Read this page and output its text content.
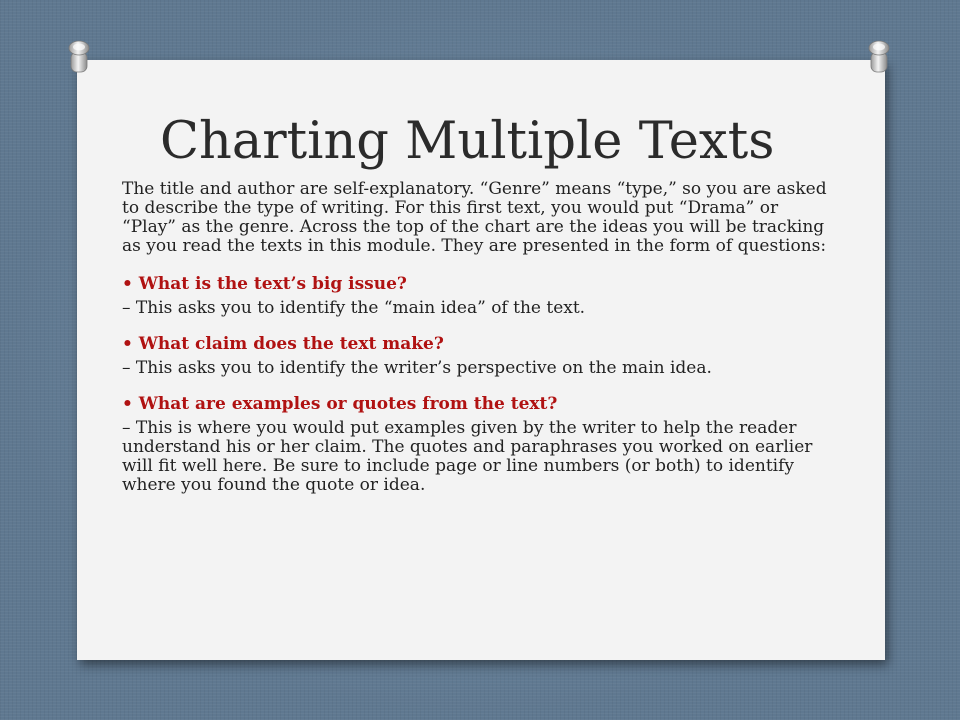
Charting Multiple Texts

The title and author are self-explanatory. “Genre” means “type,” so you are asked to describe the type of writing. For this first text, you would put “Drama” or “Play” as the genre. Across the top of the chart are the ideas you will be tracking as you read the texts in this module. They are presented in the form of questions:

• What is the text’s big issue?

– This asks you to identify the “main idea” of the text.

• What claim does the text make?

– This asks you to identify the writer’s perspective on the main idea.

• What are examples or quotes from the text?

– This is where you would put examples given by the writer to help the reader understand his or her claim. The quotes and paraphrases you worked on earlier will fit well here. Be sure to include page or line numbers (or both) to identify where you found the quote or idea.
